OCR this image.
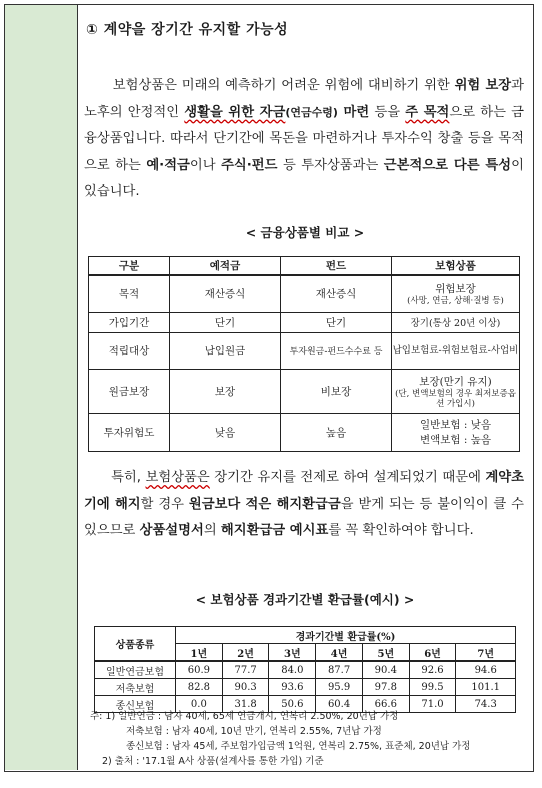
① 계약을 장기간 유지할 가능성
보험상품은 미래의 예측하기 어려운 위험에 대비하기 위한 위험 보장과 노후의 안정적인 생활을 위한 자금(연금수령) 마련 등을 주 목적으로 하는 금융상품입니다. 따라서 단기간에 목돈을 마련하거나 투자수익 창출 등을 목적으로 하는 예·적금이나 주식·펀드 등 투자상품과는 근본적으로 다른 특성이 있습니다.
< 금융상품별 비교 >
구분	예적금	펀드	보험상품
목적	재산증식	재산증식	위험보장
(사망, 연금, 상해·질병 등)

가입기간	단기	단기	장기(통상 20년 이상)
적립대상	납입원금	투자원금-펀드수수료 등	납입보험료-위험보험료-사업비
원금보장	보장	비보장	보장(만기 유지)
(단, 변액보험의 경우 최저보증옵션 가입시)

투자위험도	낮음	높음	일반보험 : 낮음
변액보험 : 높음
특히, 보험상품은 장기간 유지를 전제로 하여 설계되었기 때문에 계약초기에 해지할 경우 원금보다 적은 해지환급금을 받게 되는 등 불이익이 클 수 있으므로 상품설명서의 해지환급금 예시표를 꼭 확인하여야 합니다.
< 보험상품 경과기간별 환급률(예시) >
상품종류	경과기간별 환급률(%)						
	1년	2년	3년	4년	5년	6년	7년
일반연금보험	60.9	77.7	84.0	87.7	90.4	92.6	94.6
저축보험	82.8	90.3	93.6	95.9	97.8	99.5	101.1
종신보험	0.0	31.8	50.6	60.4	66.6	71.0	74.3
주: 1) 일반연금 : 남자 40세, 65세 연금개시, 연복리 2.50%, 20년납 가정
저축보험 : 남자 40세, 10년 만기, 연복리 2.55%, 7년납 가정
종신보험 : 남자 45세, 주보험가입금액 1억원, 연복리 2.75%, 표준체, 20년납 가정
2) 출처 : '17.1월 A사 상품(설계사를 통한 가입) 기준
